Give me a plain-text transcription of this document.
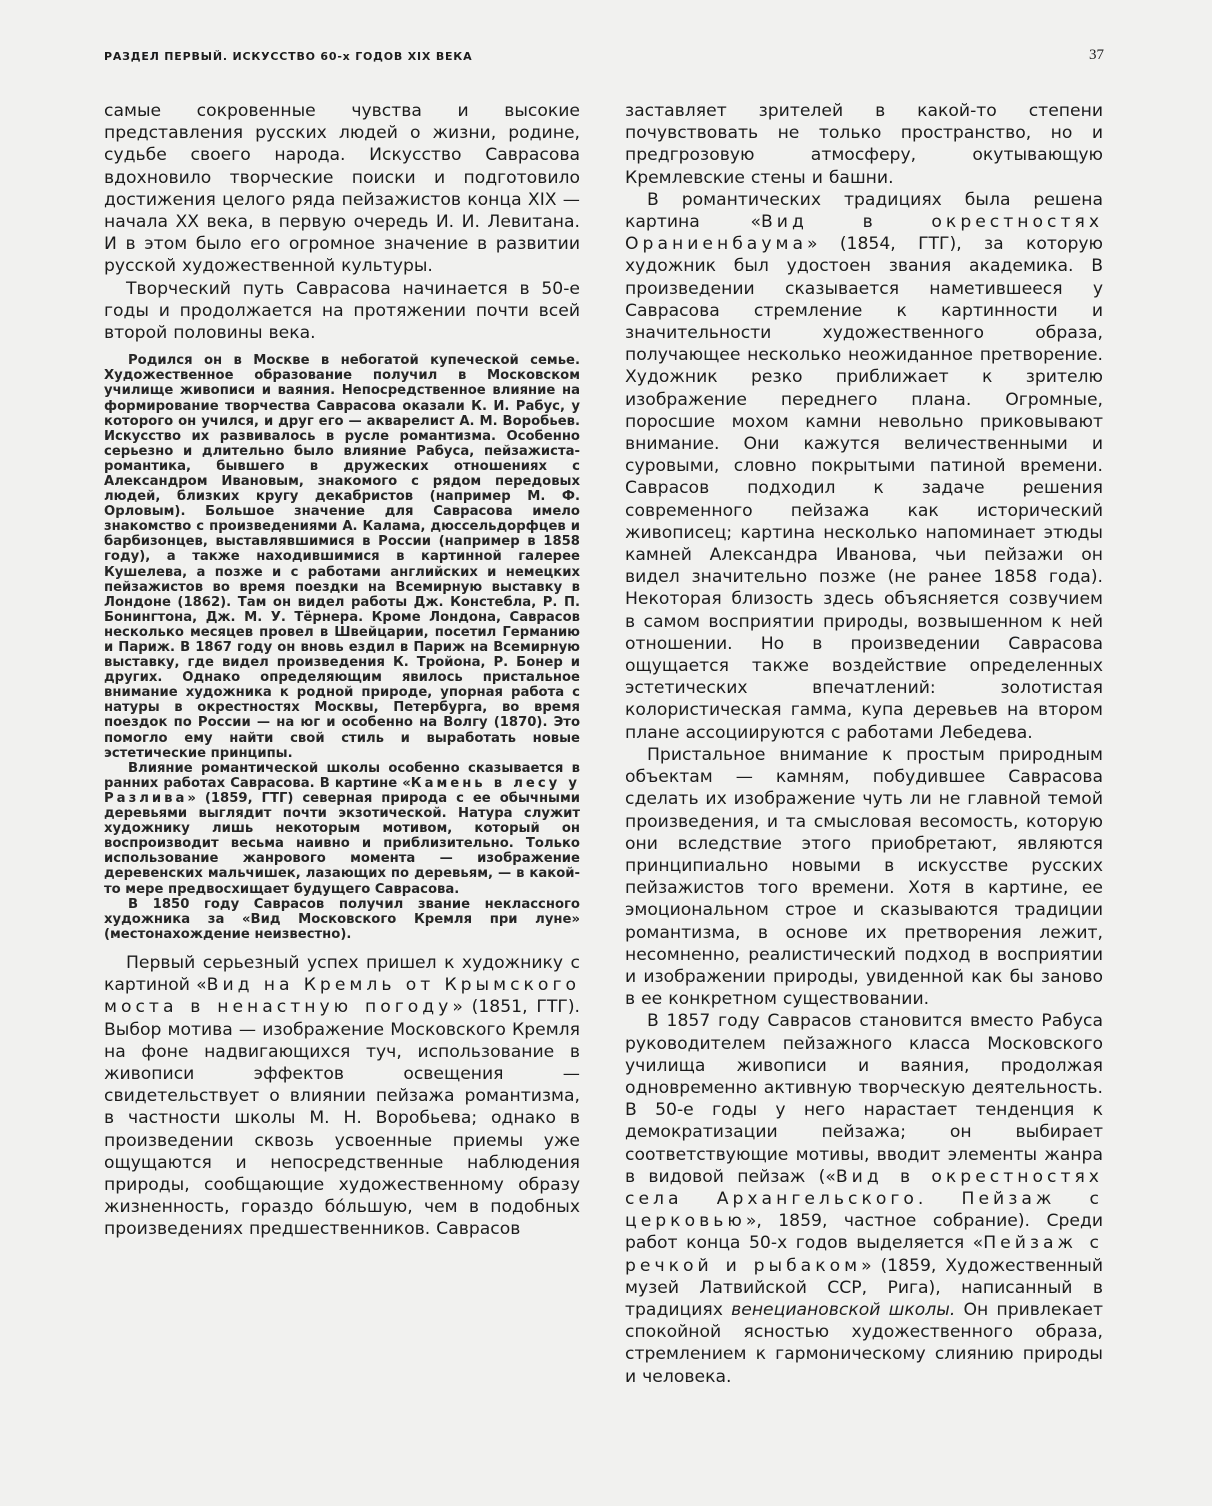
РАЗДЕЛ ПЕРВЫЙ. ИСКУССТВО 60-х ГОДОВ XIX ВЕКА	37

самые сокровенные чувства и высокие представления русских людей о жизни, родине, судьбе своего народа. Искусство Саврасова вдохновило творческие поиски и подготовило достижения целого ряда пейзажистов конца XIX — начала XX века, в первую очередь И. И. Левитана. И в этом было его огромное значение в развитии русской художественной культуры.

Творческий путь Саврасова начинается в 50-е годы и продолжается на протяжении почти всей второй половины века.

Родился он в Москве в небогатой купеческой семье. Художественное образование получил в Московском училище живописи и ваяния. Непосредственное влияние на формирование творчества Саврасова оказали К. И. Рабус, у которого он учился, и друг его — акварелист А. М. Воробьев. Искусство их развивалось в русле романтизма. Особенно серьезно и длительно было влияние Рабуса, пейзажиста-романтика, бывшего в дружеских отношениях с Александром Ивановым, знакомого с рядом передовых людей, близких кругу декабристов (например М. Ф. Орловым). Большое значение для Саврасова имело знакомство с произведениями А. Калама, дюссельдорфцев и барбизонцев, выставлявшимися в России (например в 1858 году), а также находившимися в картинной галерее Кушелева, а позже и с работами английских и немецких пейзажистов во время поездки на Всемирную выставку в Лондоне (1862). Там он видел работы Дж. Констебла, Р. П. Бонингтона, Дж. М. У. Тёрнера. Кроме Лондона, Саврасов несколько месяцев провел в Швейцарии, посетил Германию и Париж. В 1867 году он вновь ездил в Париж на Всемирную выставку, где видел произведения К. Тройона, Р. Бонер и других. Однако определяющим явилось пристальное внимание художника к родной природе, упорная работа с натуры в окрестностях Москвы, Петербурга, во время поездок по России — на юг и особенно на Волгу (1870). Это помогло ему найти свой стиль и выработать новые эстетические принципы.

Влияние романтической школы особенно сказывается в ранних работах Саврасова. В картине «Камень в лесу у Разлива» (1859, ГТГ) северная природа с ее обычными деревьями выглядит почти экзотической. Натура служит художнику лишь некоторым мотивом, который он воспроизводит весьма наивно и приблизительно. Только использование жанрового момента — изображение деревенских мальчишек, лазающих по деревьям, — в какой-то мере предвосхищает будущего Саврасова.

В 1850 году Саврасов получил звание неклассного художника за «Вид Московского Кремля при луне» (местонахождение неизвестно).

Первый серьезный успех пришел к художнику с картиной «Вид на Кремль от Крымского моста в ненастную погоду» (1851, ГТГ). Выбор мотива — изображение Московского Кремля на фоне надвигающихся туч, использование в живописи эффектов освещения — свидетельствует о влиянии пейзажа романтизма, в частности школы М. Н. Воробьева; однако в произведении сквозь усвоенные приемы уже ощущаются и непосредственные наблюдения природы, сообщающие художественному образу жизненность, гораздо бо́льшую, чем в подобных произведениях предшественников. Саврасов

заставляет зрителей в какой-то степени почувствовать не только пространство, но и предгрозовую атмосферу, окутывающую Кремлевские стены и башни.

В романтических традициях была решена картина «Вид в окрестностях Ораниенбаума» (1854, ГТГ), за которую художник был удостоен звания академика. В произведении сказывается наметившееся у Саврасова стремление к картинности и значительности художественного образа, получающее несколько неожиданное претворение. Художник резко приближает к зрителю изображение переднего плана. Огромные, поросшие мохом камни невольно приковывают внимание. Они кажутся величественными и суровыми, словно покрытыми патиной времени. Саврасов подходил к задаче решения современного пейзажа как исторический живописец; картина несколько напоминает этюды камней Александра Иванова, чьи пейзажи он видел значительно позже (не ранее 1858 года). Некоторая близость здесь объясняется созвучием в самом восприятии природы, возвышенном к ней отношении. Но в произведении Саврасова ощущается также воздействие определенных эстетических впечатлений: золотистая колористическая гамма, купа деревьев на втором плане ассоциируются с работами Лебедева.

Пристальное внимание к простым природным объектам — камням, побудившее Саврасова сделать их изображение чуть ли не главной темой произведения, и та смысловая весомость, которую они вследствие этого приобретают, являются принципиально новыми в искусстве русских пейзажистов того времени. Хотя в картине, ее эмоциональном строе и сказываются традиции романтизма, в основе их претворения лежит, несомненно, реалистический подход в восприятии и изображении природы, увиденной как бы заново в ее конкретном существовании.

В 1857 году Саврасов становится вместо Рабуса руководителем пейзажного класса Московского училища живописи и ваяния, продолжая одновременно активную творческую деятельность. В 50-е годы у него нарастает тенденция к демократизации пейзажа; он выбирает соответствующие мотивы, вводит элементы жанра в видовой пейзаж («Вид в окрестностях села Архангельского. Пейзаж с церковью», 1859, частное собрание). Среди работ конца 50-х годов выделяется «Пейзаж с речкой и рыбаком» (1859, Художественный музей Латвийской ССР, Рига), написанный в традициях венециановской школы. Он привлекает спокойной ясностью художественного образа, стремлением к гармоническому слиянию природы и человека.
